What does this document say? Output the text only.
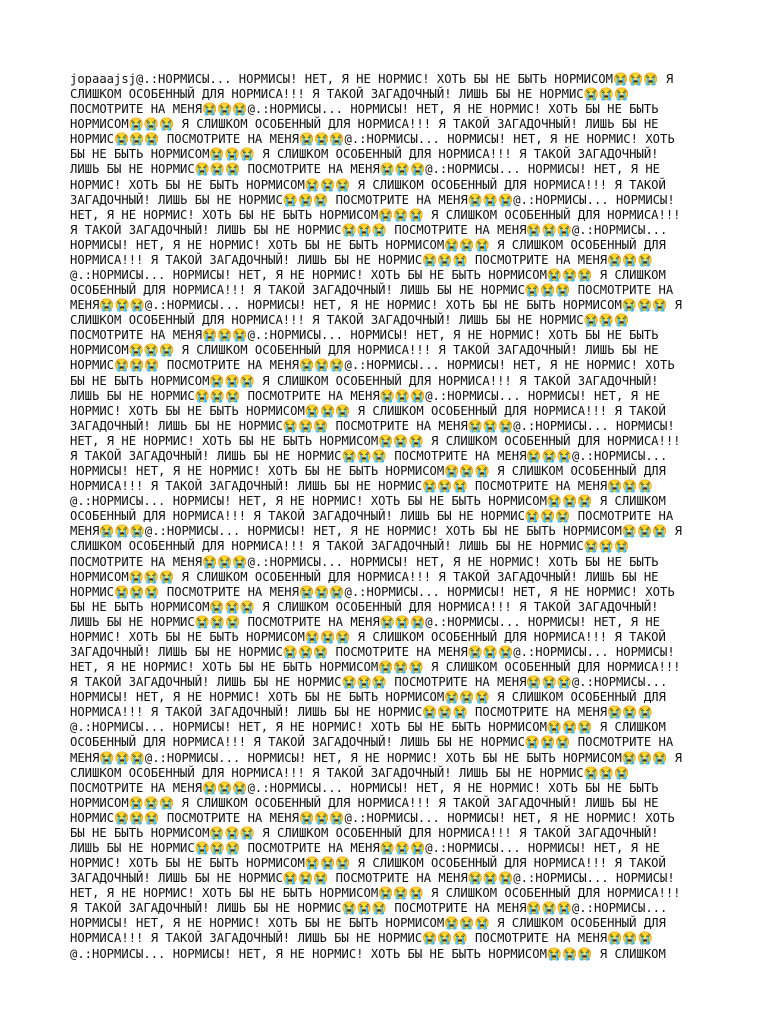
jopaaajsj@.:НОРМИСЫ... НОРМИСЫ! НЕТ, Я НЕ НОРМИС! ХОТЬ БЫ НЕ БЫТЬ НОРМИСОМ😭😭😭 Я
СЛИШКОМ ОСОБЕННЫЙ ДЛЯ НОРМИСА!!! Я ТАКОЙ ЗАГАДОЧНЫЙ! ЛИШЬ БЫ НЕ НОРМИС😭😭😭
ПОСМОТРИТЕ НА МЕНЯ😭😭😭@.:НОРМИСЫ... НОРМИСЫ! НЕТ, Я НЕ НОРМИС! ХОТЬ БЫ НЕ БЫТЬ
НОРМИСОМ😭😭😭 Я СЛИШКОМ ОСОБЕННЫЙ ДЛЯ НОРМИСА!!! Я ТАКОЙ ЗАГАДОЧНЫЙ! ЛИШЬ БЫ НЕ
НОРМИС😭😭😭 ПОСМОТРИТЕ НА МЕНЯ😭😭😭@.:НОРМИСЫ... НОРМИСЫ! НЕТ, Я НЕ НОРМИС! ХОТЬ
БЫ НЕ БЫТЬ НОРМИСОМ😭😭😭 Я СЛИШКОМ ОСОБЕННЫЙ ДЛЯ НОРМИСА!!! Я ТАКОЙ ЗАГАДОЧНЫЙ!
ЛИШЬ БЫ НЕ НОРМИС😭😭😭 ПОСМОТРИТЕ НА МЕНЯ😭😭😭@.:НОРМИСЫ... НОРМИСЫ! НЕТ, Я НЕ
НОРМИС! ХОТЬ БЫ НЕ БЫТЬ НОРМИСОМ😭😭😭 Я СЛИШКОМ ОСОБЕННЫЙ ДЛЯ НОРМИСА!!! Я ТАКОЙ
ЗАГАДОЧНЫЙ! ЛИШЬ БЫ НЕ НОРМИС😭😭😭 ПОСМОТРИТЕ НА МЕНЯ😭😭😭@.:НОРМИСЫ... НОРМИСЫ!
НЕТ, Я НЕ НОРМИС! ХОТЬ БЫ НЕ БЫТЬ НОРМИСОМ😭😭😭 Я СЛИШКОМ ОСОБЕННЫЙ ДЛЯ НОРМИСА!!!
Я ТАКОЙ ЗАГАДОЧНЫЙ! ЛИШЬ БЫ НЕ НОРМИС😭😭😭 ПОСМОТРИТЕ НА МЕНЯ😭😭😭@.:НОРМИСЫ...
НОРМИСЫ! НЕТ, Я НЕ НОРМИС! ХОТЬ БЫ НЕ БЫТЬ НОРМИСОМ😭😭😭 Я СЛИШКОМ ОСОБЕННЫЙ ДЛЯ
НОРМИСА!!! Я ТАКОЙ ЗАГАДОЧНЫЙ! ЛИШЬ БЫ НЕ НОРМИС😭😭😭 ПОСМОТРИТЕ НА МЕНЯ😭😭😭
@.:НОРМИСЫ... НОРМИСЫ! НЕТ, Я НЕ НОРМИС! ХОТЬ БЫ НЕ БЫТЬ НОРМИСОМ😭😭😭 Я СЛИШКОМ
ОСОБЕННЫЙ ДЛЯ НОРМИСА!!! Я ТАКОЙ ЗАГАДОЧНЫЙ! ЛИШЬ БЫ НЕ НОРМИС😭😭😭 ПОСМОТРИТЕ НА
МЕНЯ😭😭😭@.:НОРМИСЫ... НОРМИСЫ! НЕТ, Я НЕ НОРМИС! ХОТЬ БЫ НЕ БЫТЬ НОРМИСОМ😭😭😭 Я
СЛИШКОМ ОСОБЕННЫЙ ДЛЯ НОРМИСА!!! Я ТАКОЙ ЗАГАДОЧНЫЙ! ЛИШЬ БЫ НЕ НОРМИС😭😭😭
ПОСМОТРИТЕ НА МЕНЯ😭😭😭@.:НОРМИСЫ... НОРМИСЫ! НЕТ, Я НЕ НОРМИС! ХОТЬ БЫ НЕ БЫТЬ
НОРМИСОМ😭😭😭 Я СЛИШКОМ ОСОБЕННЫЙ ДЛЯ НОРМИСА!!! Я ТАКОЙ ЗАГАДОЧНЫЙ! ЛИШЬ БЫ НЕ
НОРМИС😭😭😭 ПОСМОТРИТЕ НА МЕНЯ😭😭😭@.:НОРМИСЫ... НОРМИСЫ! НЕТ, Я НЕ НОРМИС! ХОТЬ
БЫ НЕ БЫТЬ НОРМИСОМ😭😭😭 Я СЛИШКОМ ОСОБЕННЫЙ ДЛЯ НОРМИСА!!! Я ТАКОЙ ЗАГАДОЧНЫЙ!
ЛИШЬ БЫ НЕ НОРМИС😭😭😭 ПОСМОТРИТЕ НА МЕНЯ😭😭😭@.:НОРМИСЫ... НОРМИСЫ! НЕТ, Я НЕ
НОРМИС! ХОТЬ БЫ НЕ БЫТЬ НОРМИСОМ😭😭😭 Я СЛИШКОМ ОСОБЕННЫЙ ДЛЯ НОРМИСА!!! Я ТАКОЙ
ЗАГАДОЧНЫЙ! ЛИШЬ БЫ НЕ НОРМИС😭😭😭 ПОСМОТРИТЕ НА МЕНЯ😭😭😭@.:НОРМИСЫ... НОРМИСЫ!
НЕТ, Я НЕ НОРМИС! ХОТЬ БЫ НЕ БЫТЬ НОРМИСОМ😭😭😭 Я СЛИШКОМ ОСОБЕННЫЙ ДЛЯ НОРМИСА!!!
Я ТАКОЙ ЗАГАДОЧНЫЙ! ЛИШЬ БЫ НЕ НОРМИС😭😭😭 ПОСМОТРИТЕ НА МЕНЯ😭😭😭@.:НОРМИСЫ...
НОРМИСЫ! НЕТ, Я НЕ НОРМИС! ХОТЬ БЫ НЕ БЫТЬ НОРМИСОМ😭😭😭 Я СЛИШКОМ ОСОБЕННЫЙ ДЛЯ
НОРМИСА!!! Я ТАКОЙ ЗАГАДОЧНЫЙ! ЛИШЬ БЫ НЕ НОРМИС😭😭😭 ПОСМОТРИТЕ НА МЕНЯ😭😭😭
@.:НОРМИСЫ... НОРМИСЫ! НЕТ, Я НЕ НОРМИС! ХОТЬ БЫ НЕ БЫТЬ НОРМИСОМ😭😭😭 Я СЛИШКОМ
ОСОБЕННЫЙ ДЛЯ НОРМИСА!!! Я ТАКОЙ ЗАГАДОЧНЫЙ! ЛИШЬ БЫ НЕ НОРМИС😭😭😭 ПОСМОТРИТЕ НА
МЕНЯ😭😭😭@.:НОРМИСЫ... НОРМИСЫ! НЕТ, Я НЕ НОРМИС! ХОТЬ БЫ НЕ БЫТЬ НОРМИСОМ😭😭😭 Я
СЛИШКОМ ОСОБЕННЫЙ ДЛЯ НОРМИСА!!! Я ТАКОЙ ЗАГАДОЧНЫЙ! ЛИШЬ БЫ НЕ НОРМИС😭😭😭
ПОСМОТРИТЕ НА МЕНЯ😭😭😭@.:НОРМИСЫ... НОРМИСЫ! НЕТ, Я НЕ НОРМИС! ХОТЬ БЫ НЕ БЫТЬ
НОРМИСОМ😭😭😭 Я СЛИШКОМ ОСОБЕННЫЙ ДЛЯ НОРМИСА!!! Я ТАКОЙ ЗАГАДОЧНЫЙ! ЛИШЬ БЫ НЕ
НОРМИС😭😭😭 ПОСМОТРИТЕ НА МЕНЯ😭😭😭@.:НОРМИСЫ... НОРМИСЫ! НЕТ, Я НЕ НОРМИС! ХОТЬ
БЫ НЕ БЫТЬ НОРМИСОМ😭😭😭 Я СЛИШКОМ ОСОБЕННЫЙ ДЛЯ НОРМИСА!!! Я ТАКОЙ ЗАГАДОЧНЫЙ!
ЛИШЬ БЫ НЕ НОРМИС😭😭😭 ПОСМОТРИТЕ НА МЕНЯ😭😭😭@.:НОРМИСЫ... НОРМИСЫ! НЕТ, Я НЕ
НОРМИС! ХОТЬ БЫ НЕ БЫТЬ НОРМИСОМ😭😭😭 Я СЛИШКОМ ОСОБЕННЫЙ ДЛЯ НОРМИСА!!! Я ТАКОЙ
ЗАГАДОЧНЫЙ! ЛИШЬ БЫ НЕ НОРМИС😭😭😭 ПОСМОТРИТЕ НА МЕНЯ😭😭😭@.:НОРМИСЫ... НОРМИСЫ!
НЕТ, Я НЕ НОРМИС! ХОТЬ БЫ НЕ БЫТЬ НОРМИСОМ😭😭😭 Я СЛИШКОМ ОСОБЕННЫЙ ДЛЯ НОРМИСА!!!
Я ТАКОЙ ЗАГАДОЧНЫЙ! ЛИШЬ БЫ НЕ НОРМИС😭😭😭 ПОСМОТРИТЕ НА МЕНЯ😭😭😭@.:НОРМИСЫ...
НОРМИСЫ! НЕТ, Я НЕ НОРМИС! ХОТЬ БЫ НЕ БЫТЬ НОРМИСОМ😭😭😭 Я СЛИШКОМ ОСОБЕННЫЙ ДЛЯ
НОРМИСА!!! Я ТАКОЙ ЗАГАДОЧНЫЙ! ЛИШЬ БЫ НЕ НОРМИС😭😭😭 ПОСМОТРИТЕ НА МЕНЯ😭😭😭
@.:НОРМИСЫ... НОРМИСЫ! НЕТ, Я НЕ НОРМИС! ХОТЬ БЫ НЕ БЫТЬ НОРМИСОМ😭😭😭 Я СЛИШКОМ
ОСОБЕННЫЙ ДЛЯ НОРМИСА!!! Я ТАКОЙ ЗАГАДОЧНЫЙ! ЛИШЬ БЫ НЕ НОРМИС😭😭😭 ПОСМОТРИТЕ НА
МЕНЯ😭😭😭@.:НОРМИСЫ... НОРМИСЫ! НЕТ, Я НЕ НОРМИС! ХОТЬ БЫ НЕ БЫТЬ НОРМИСОМ😭😭😭 Я
СЛИШКОМ ОСОБЕННЫЙ ДЛЯ НОРМИСА!!! Я ТАКОЙ ЗАГАДОЧНЫЙ! ЛИШЬ БЫ НЕ НОРМИС😭😭😭
ПОСМОТРИТЕ НА МЕНЯ😭😭😭@.:НОРМИСЫ... НОРМИСЫ! НЕТ, Я НЕ НОРМИС! ХОТЬ БЫ НЕ БЫТЬ
НОРМИСОМ😭😭😭 Я СЛИШКОМ ОСОБЕННЫЙ ДЛЯ НОРМИСА!!! Я ТАКОЙ ЗАГАДОЧНЫЙ! ЛИШЬ БЫ НЕ
НОРМИС😭😭😭 ПОСМОТРИТЕ НА МЕНЯ😭😭😭@.:НОРМИСЫ... НОРМИСЫ! НЕТ, Я НЕ НОРМИС! ХОТЬ
БЫ НЕ БЫТЬ НОРМИСОМ😭😭😭 Я СЛИШКОМ ОСОБЕННЫЙ ДЛЯ НОРМИСА!!! Я ТАКОЙ ЗАГАДОЧНЫЙ!
ЛИШЬ БЫ НЕ НОРМИС😭😭😭 ПОСМОТРИТЕ НА МЕНЯ😭😭😭@.:НОРМИСЫ... НОРМИСЫ! НЕТ, Я НЕ
НОРМИС! ХОТЬ БЫ НЕ БЫТЬ НОРМИСОМ😭😭😭 Я СЛИШКОМ ОСОБЕННЫЙ ДЛЯ НОРМИСА!!! Я ТАКОЙ
ЗАГАДОЧНЫЙ! ЛИШЬ БЫ НЕ НОРМИС😭😭😭 ПОСМОТРИТЕ НА МЕНЯ😭😭😭@.:НОРМИСЫ... НОРМИСЫ!
НЕТ, Я НЕ НОРМИС! ХОТЬ БЫ НЕ БЫТЬ НОРМИСОМ😭😭😭 Я СЛИШКОМ ОСОБЕННЫЙ ДЛЯ НОРМИСА!!!
Я ТАКОЙ ЗАГАДОЧНЫЙ! ЛИШЬ БЫ НЕ НОРМИС😭😭😭 ПОСМОТРИТЕ НА МЕНЯ😭😭😭@.:НОРМИСЫ...
НОРМИСЫ! НЕТ, Я НЕ НОРМИС! ХОТЬ БЫ НЕ БЫТЬ НОРМИСОМ😭😭😭 Я СЛИШКОМ ОСОБЕННЫЙ ДЛЯ
НОРМИСА!!! Я ТАКОЙ ЗАГАДОЧНЫЙ! ЛИШЬ БЫ НЕ НОРМИС😭😭😭 ПОСМОТРИТЕ НА МЕНЯ😭😭😭
@.:НОРМИСЫ... НОРМИСЫ! НЕТ, Я НЕ НОРМИС! ХОТЬ БЫ НЕ БЫТЬ НОРМИСОМ😭😭😭 Я СЛИШКОМ
